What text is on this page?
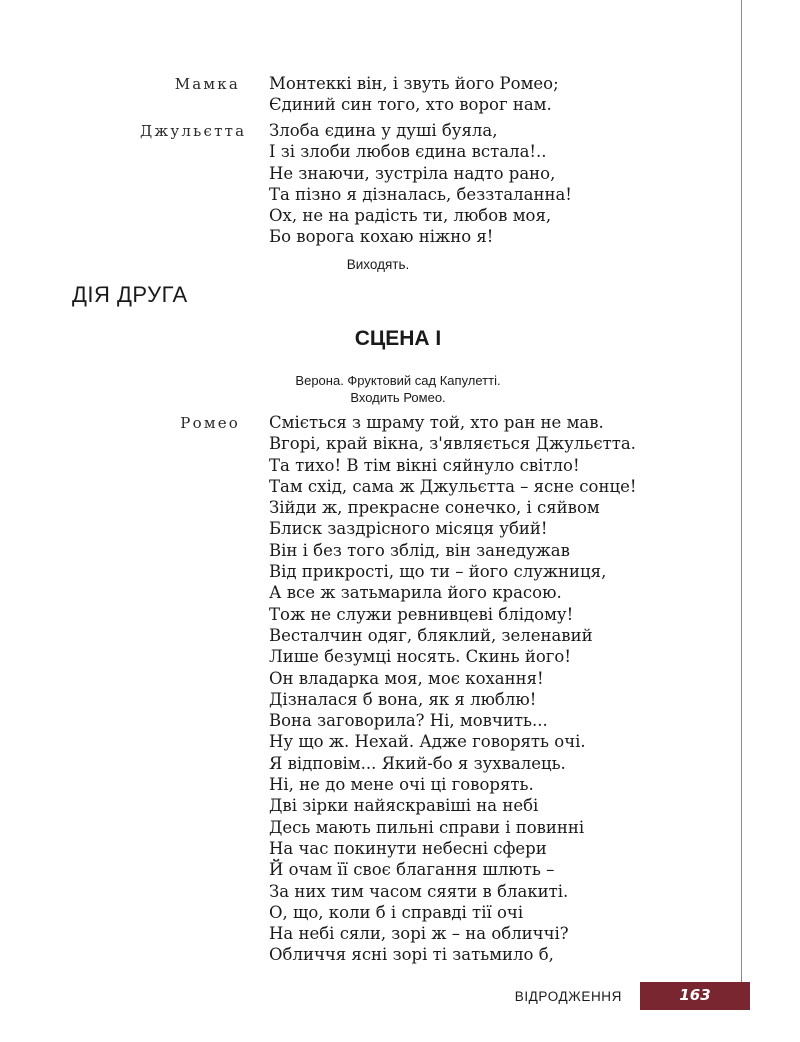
Мамка Монтеккі він, і звуть його Ромео;
Єдиний син того, хто ворог нам.
Джульєтта Злоба єдина у душі буяла,
І зі злоби любов єдина встала!..
Не знаючи, зустріла надто рано,
Та пізно я дізналась, беззталанна!
Ох, не на радість ти, любов моя,
Бо ворога кохаю ніжно я!
Виходять.
ДІЯ ДРУГА
СЦЕНА І
Верона. Фруктовий сад Капулетті.
Входить Ромео.
Ромео Сміється з шраму той, хто ран не мав.
Вгорі, край вікна, з'являється Джульєтта.
Та тихо! В тім вікні сяйнуло світло!
Там схід, сама ж Джульєтта – ясне сонце!
Зійди ж, прекрасне сонечко, і сяйвом
Блиск заздрісного місяця убий!
Він і без того зблід, він занедужав
Від прикрості, що ти – його служниця,
А все ж затьмарила його красою.
Тож не служи ревнивцеві блідому!
Весталчин одяг, бляклий, зеленавий
Лише безумці носять. Скинь його!
Он владарка моя, моє кохання!
Дізналася б вона, як я люблю!
Вона заговорила? Ні, мовчить...
Ну що ж. Нехай. Адже говорять очі.
Я відповім... Який-бо я зухвалець.
Ні, не до мене очі ці говорять.
Дві зірки найяскравіші на небі
Десь мають пильні справи і повинні
На час покинути небесні сфери
Й очам її своє благання шлють –
За них тим часом сяяти в блакиті.
О, що, коли б і справді тії очі
На небі сяли, зорі ж – на обличчі?
Обличчя ясні зорі ті затьмило б,
ВІДРОДЖЕННЯ	163
